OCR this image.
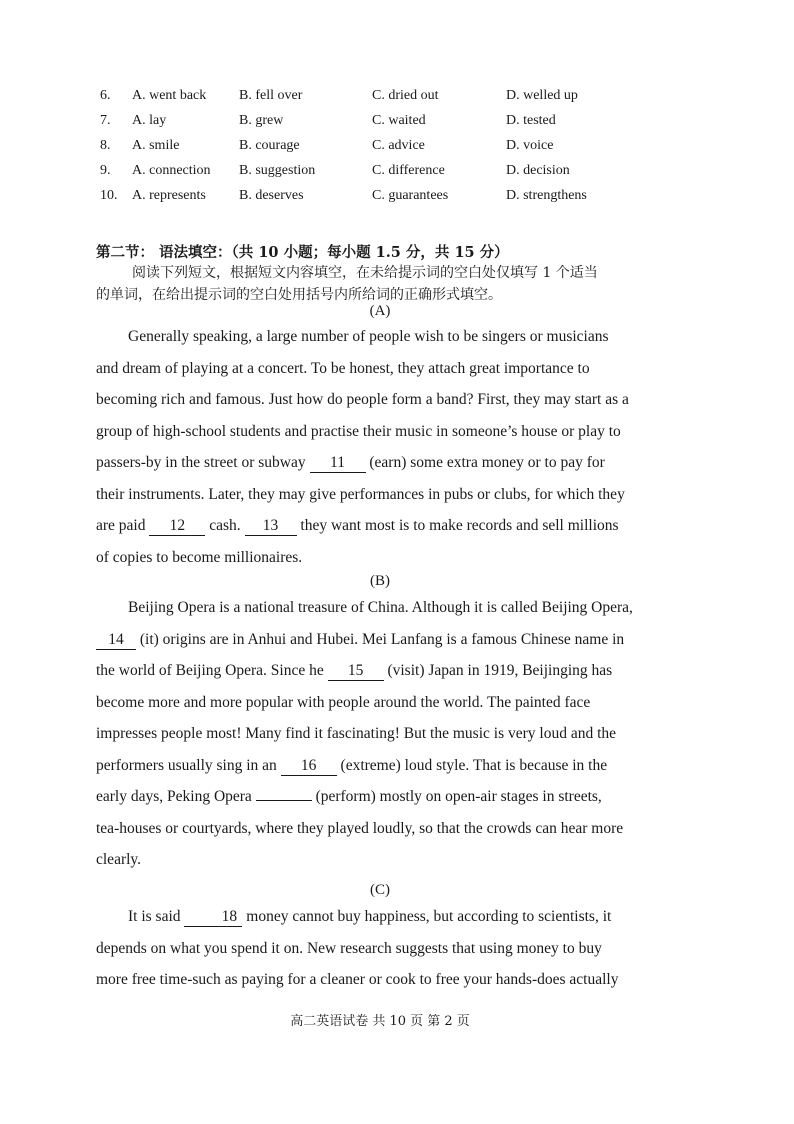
6. A. went back B. fell over	C. dried out	D. welled up
7. A. lay	B. grew	C. waited	D. tested
8. A. smile	B. courage	C. advice	D. voice
9. A. connection B. suggestion	C. difference	D. decision
10. A. represents B. deserves	C. guarantees	D. strengthens
第二节： 语法填空：（共 10 小题；每小题 1.5 分，共 15 分）
阅读下列短文，根据短文内容填空，在未给提示词的空白处仅填写 1 个适当
的单词，在给出提示词的空白处用括号内所给词的正确形式填空。
(A)
Generally speaking, a large number of people wish to be singers or musicians
and dream of playing at a concert. To be honest, they attach great importance to
becoming rich and famous. Just how do people form a band? First, they may start as a
group of high-school students and practise their music in someone’s house or play to
passers-by in the street or subway 11 (earn) some extra money or to pay for
their instruments. Later, they may give performances in pubs or clubs, for which they
are paid 12 cash. 13 they want most is to make records and sell millions
of copies to become millionaires.
(B)
Beijing Opera is a national treasure of China. Although it is called Beijing Opera,
14 (it) origins are in Anhui and Hubei. Mei Lanfang is a famous Chinese name in
the world of Beijing Opera. Since he 15 (visit) Japan in 1919, Beijinging has
become more and more popular with people around the world. The painted face
impresses people most! Many find it fascinating! But the music is very loud and the
performers usually sing in an 16 (extreme) loud style. That is because in the
early days, Peking Opera	(perform) mostly on open-air stages in streets,
tea-houses or courtyards, where they played loudly, so that the crowds can hear more
clearly.
(C)
It is said 18 money cannot buy happiness, but according to scientists, it
depends on what you spend it on. New research suggests that using money to buy
more free time-such as paying for a cleaner or cook to free your hands-does actually
高二英语试卷 共 10 页 第 2 页
